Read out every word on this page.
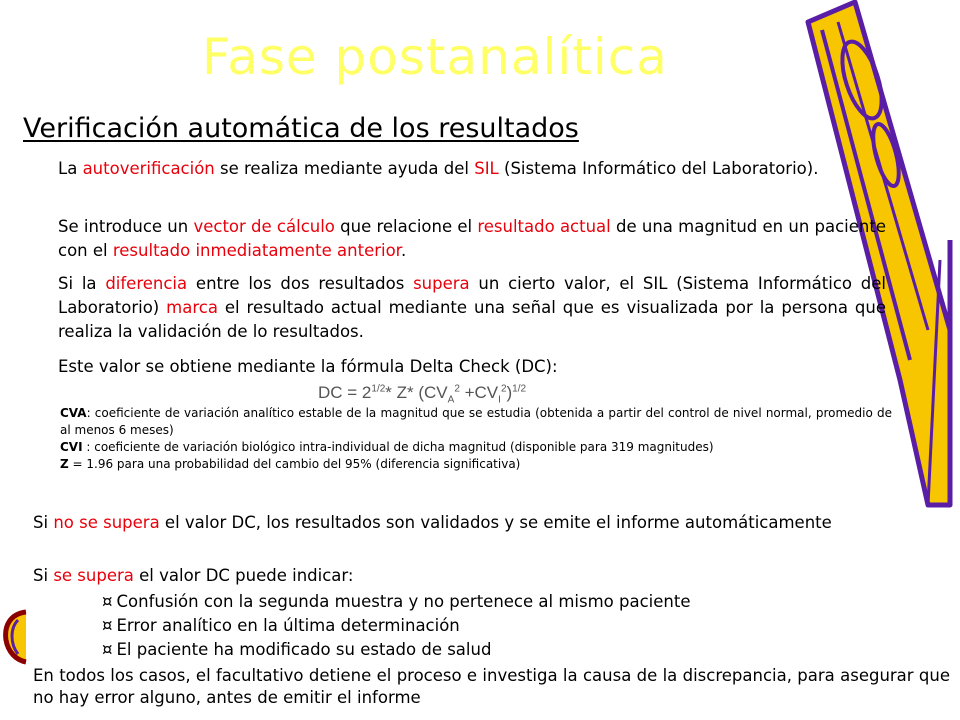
Fase postanalítica
Verificación automática de los resultados
La autoverificación se realiza mediante ayuda del SIL (Sistema Informático del Laboratorio).
Se introduce un vector de cálculo que relacione el resultado actual de una magnitud en un paciente con el resultado inmediatamente anterior.
Si la diferencia entre los dos resultados supera un cierto valor, el SIL (Sistema Informático del Laboratorio) marca el resultado actual mediante una señal que es visualizada por la persona que realiza la validación de lo resultados.
Este valor se obtiene mediante la fórmula Delta Check (DC):
DC = $2^{1/2}*$ Z* $(CV_A^2 +CV_I^2)^{1/2}$
CVA: coeficiente de variación analítico estable de la magnitud que se estudia (obtenida a partir del control de nivel normal, promedio de al menos 6 meses)
CVI : coeficiente de variación biológico intra-individual de dicha magnitud (disponible para 319 magnitudes)
Z = 1.96 para una probabilidad del cambio del 95% (diferencia significativa)
Si no se supera el valor DC, los resultados son validados y se emite el informe automáticamente
Si se supera el valor DC puede indicar:
¤ Confusión con la segunda muestra y no pertenece al mismo paciente
¤ Error analítico en la última determinación
¤ El paciente ha modificado su estado de salud
En todos los casos, el facultativo detiene el proceso e investiga la causa de la discrepancia, para asegurar que no hay error alguno, antes de emitir el informe
